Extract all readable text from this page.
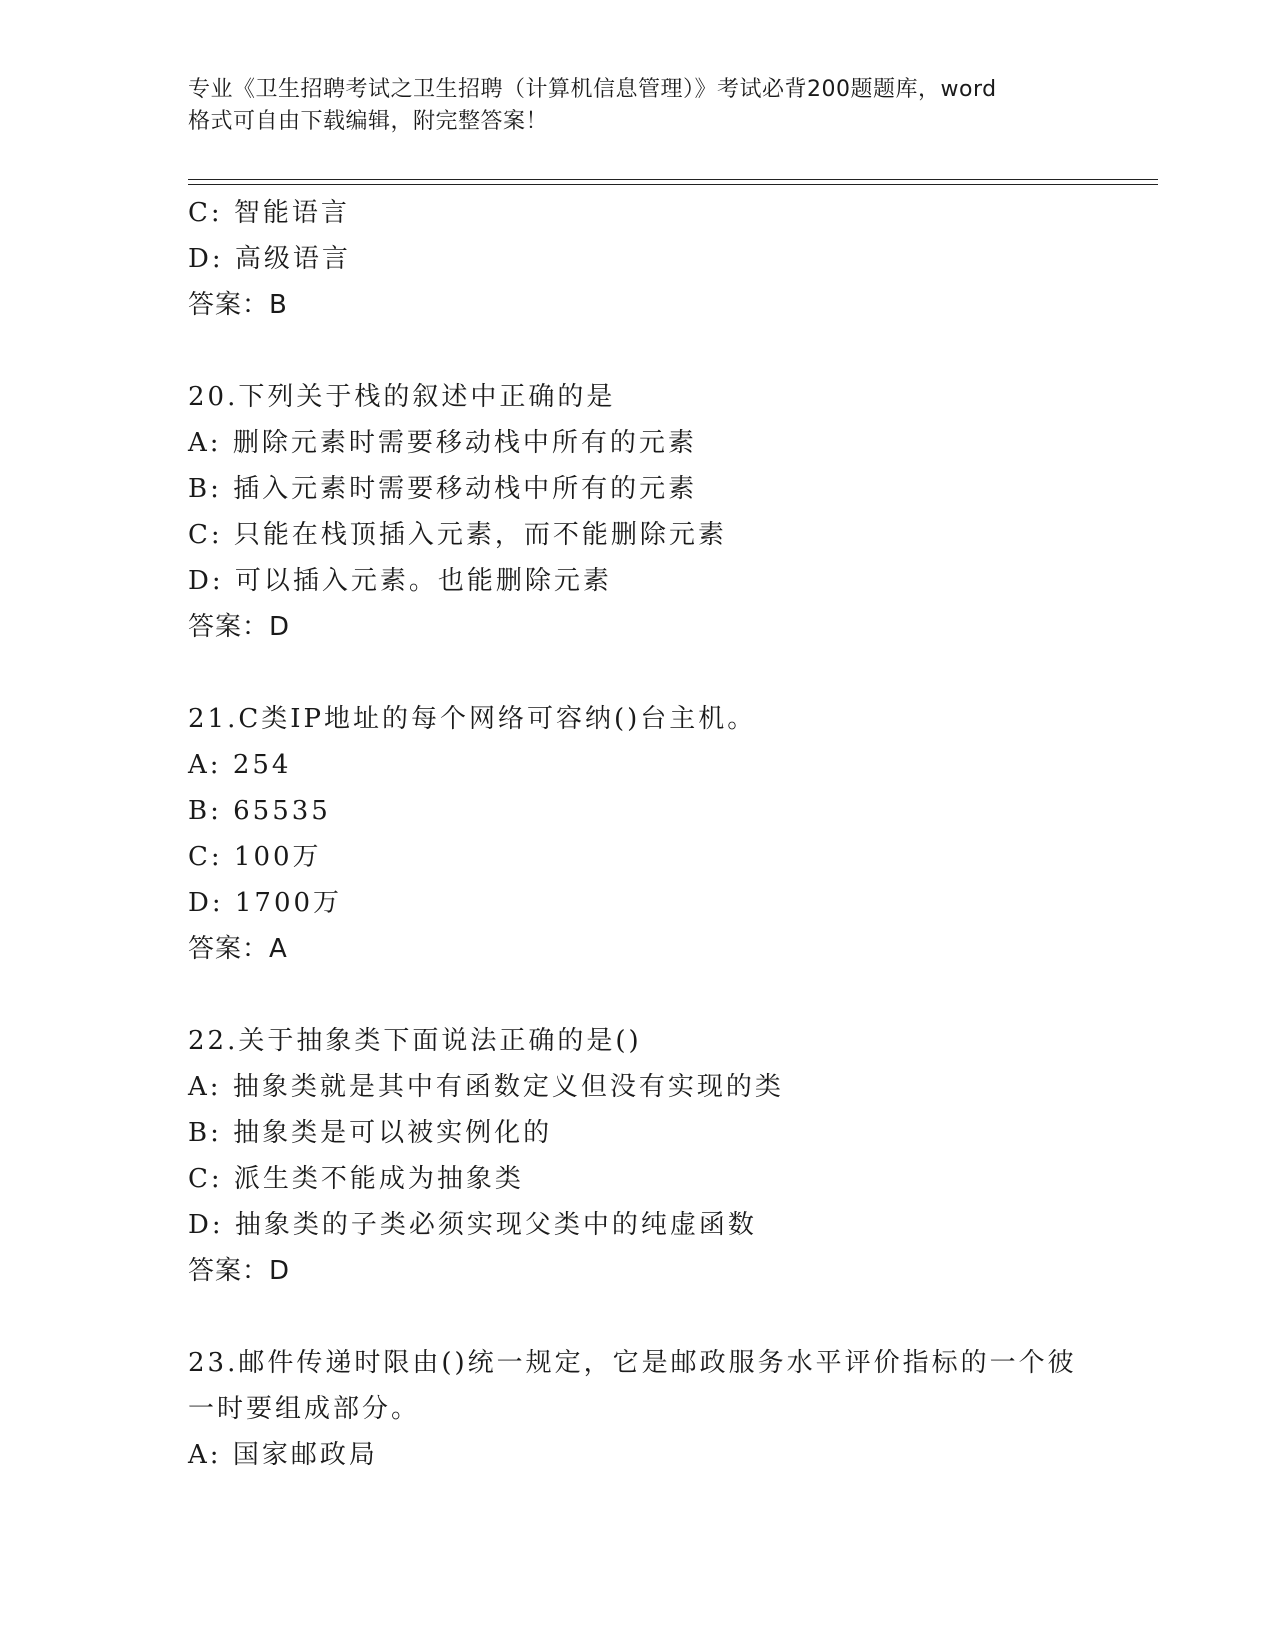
专业《卫生招聘考试之卫生招聘（计算机信息管理）》考试必背200题题库，word
格式可自由下载编辑，附完整答案！
C: 智能语言
D: 高级语言
答案：B
20.下列关于栈的叙述中正确的是
A: 删除元素时需要移动栈中所有的元素
B: 插入元素时需要移动栈中所有的元素
C: 只能在栈顶插入元素，而不能删除元素
D: 可以插入元素。也能删除元素
答案：D
21.C类IP地址的每个网络可容纳()台主机。
A: 254
B: 65535
C: 100万
D: 1700万
答案：A
22.关于抽象类下面说法正确的是()
A: 抽象类就是其中有函数定义但没有实现的类
B: 抽象类是可以被实例化的
C: 派生类不能成为抽象类
D: 抽象类的子类必须实现父类中的纯虚函数
答案：D
23.邮件传递时限由()统一规定，它是邮政服务水平评价指标的一个彼
一时要组成部分。
A: 国家邮政局
